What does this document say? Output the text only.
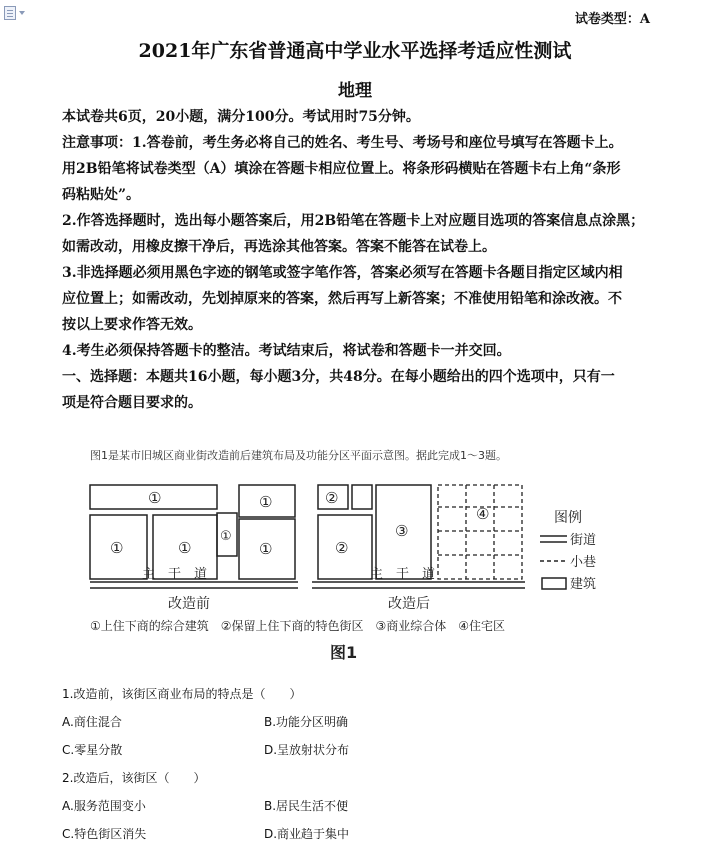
试卷类型：A
2021年广东省普通高中学业水平选择考适应性测试
地理

本试卷共6页，20小题，满分100分。考试用时75分钟。

注意事项：1.答卷前，考生务必将自己的姓名、考生号、考场号和座位号填写在答题卡上。

用2B铅笔将试卷类型（A）填涂在答题卡相应位置上。将条形码横贴在答题卡右上角“条形

码粘贴处”。

2.作答选择题时，选出每小题答案后，用2B铅笔在答题卡上对应题目选项的答案信息点涂黑；

如需改动，用橡皮擦干净后，再选涂其他答案。答案不能答在试卷上。

3.非选择题必须用黑色字迹的钢笔或签字笔作答，答案必须写在答题卡各题目指定区域内相

应位置上；如需改动，先划掉原来的答案，然后再写上新答案；不准使用铅笔和涂改液。不

按以上要求作答无效。

4.考生必须保持答题卡的整洁。考试结束后，将试卷和答题卡一并交回。

一、选择题：本题共16小题，每小题3分，共48分。在每小题给出的四个选项中，只有一

项是符合题目要求的。

图1是某市旧城区商业街改造前后建筑布局及功能分区平面示意图。据此完成1～3题。
①
①	①
①
①
①
主　干　道
改造前
②
②
③
④
主　干　道
改造后
图例
街道
小巷
建筑
①上住下商的综合建筑　②保留上住下商的特色街区　③商业综合体　④住宅区
图1
1.改造前，该街区商业布局的特点是（　　）
A.商住混合	B.功能分区明确
C.零星分散	D.呈放射状分布
2.改造后，该街区（　　）
A.服务范围变小	B.居民生活不便
C.特色街区消失	D.商业趋于集中
